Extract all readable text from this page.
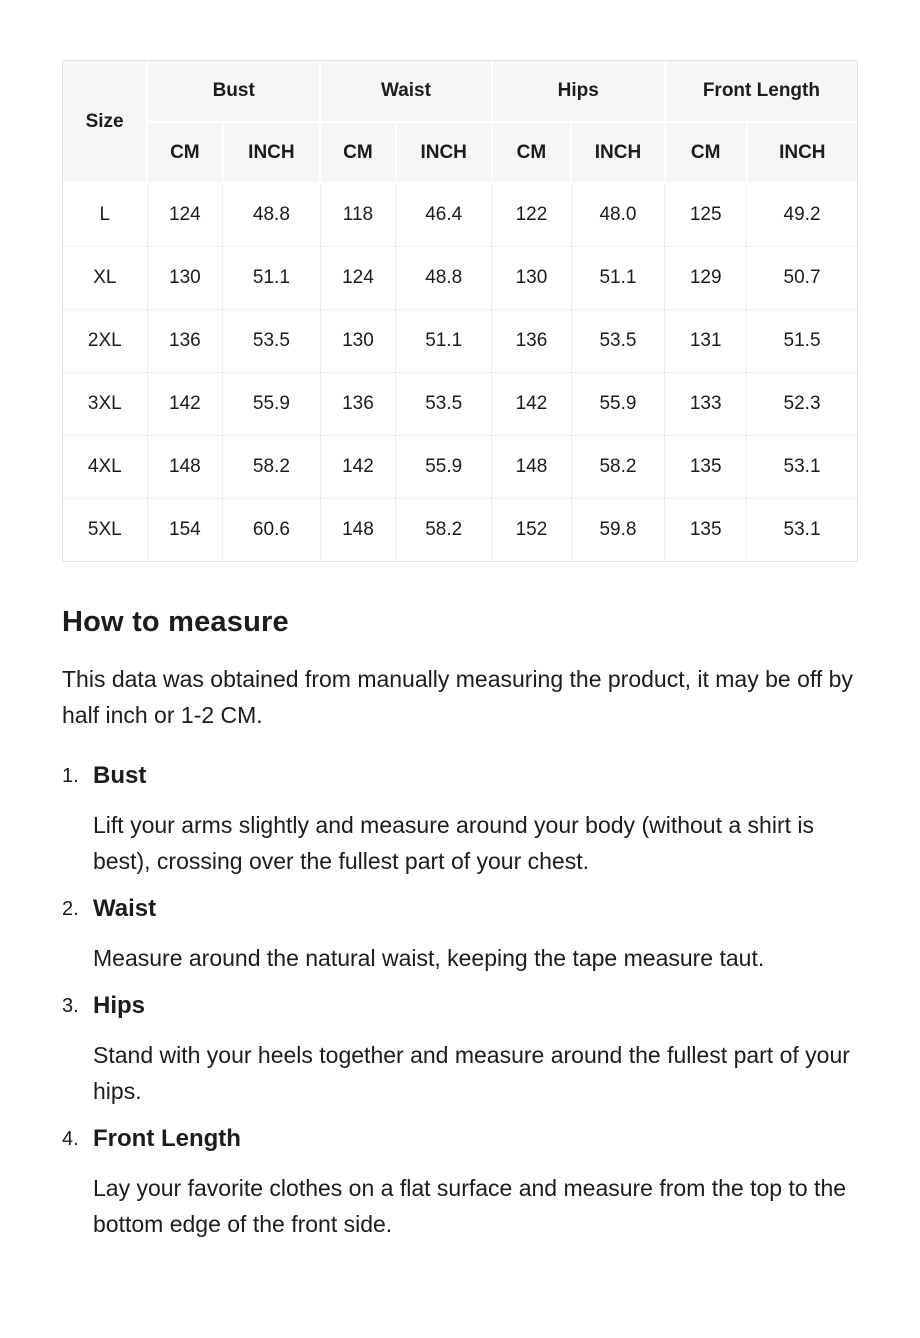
Size	Bust		Waist		Hips		Front Length	
	CM	INCH	CM	INCH	CM	INCH	CM	INCH
L	124	48.8	118	46.4	122	48.0	125	49.2
XL	130	51.1	124	48.8	130	51.1	129	50.7
2XL	136	53.5	130	51.1	136	53.5	131	51.5
3XL	142	55.9	136	53.5	142	55.9	133	52.3
4XL	148	58.2	142	55.9	148	58.2	135	53.1
5XL	154	60.6	148	58.2	152	59.8	135	53.1
How to measure

This data was obtained from manually measuring the product, it may be off by half inch or 1-2 CM.

1. Bust

Lift your arms slightly and measure around your body (without a shirt is best), crossing over the fullest part of your chest.

2. Waist

Measure around the natural waist, keeping the tape measure taut.

3. Hips

Stand with your heels together and measure around the fullest part of your hips.

4. Front Length

Lay your favorite clothes on a flat surface and measure from the top to the bottom edge of the front side.
